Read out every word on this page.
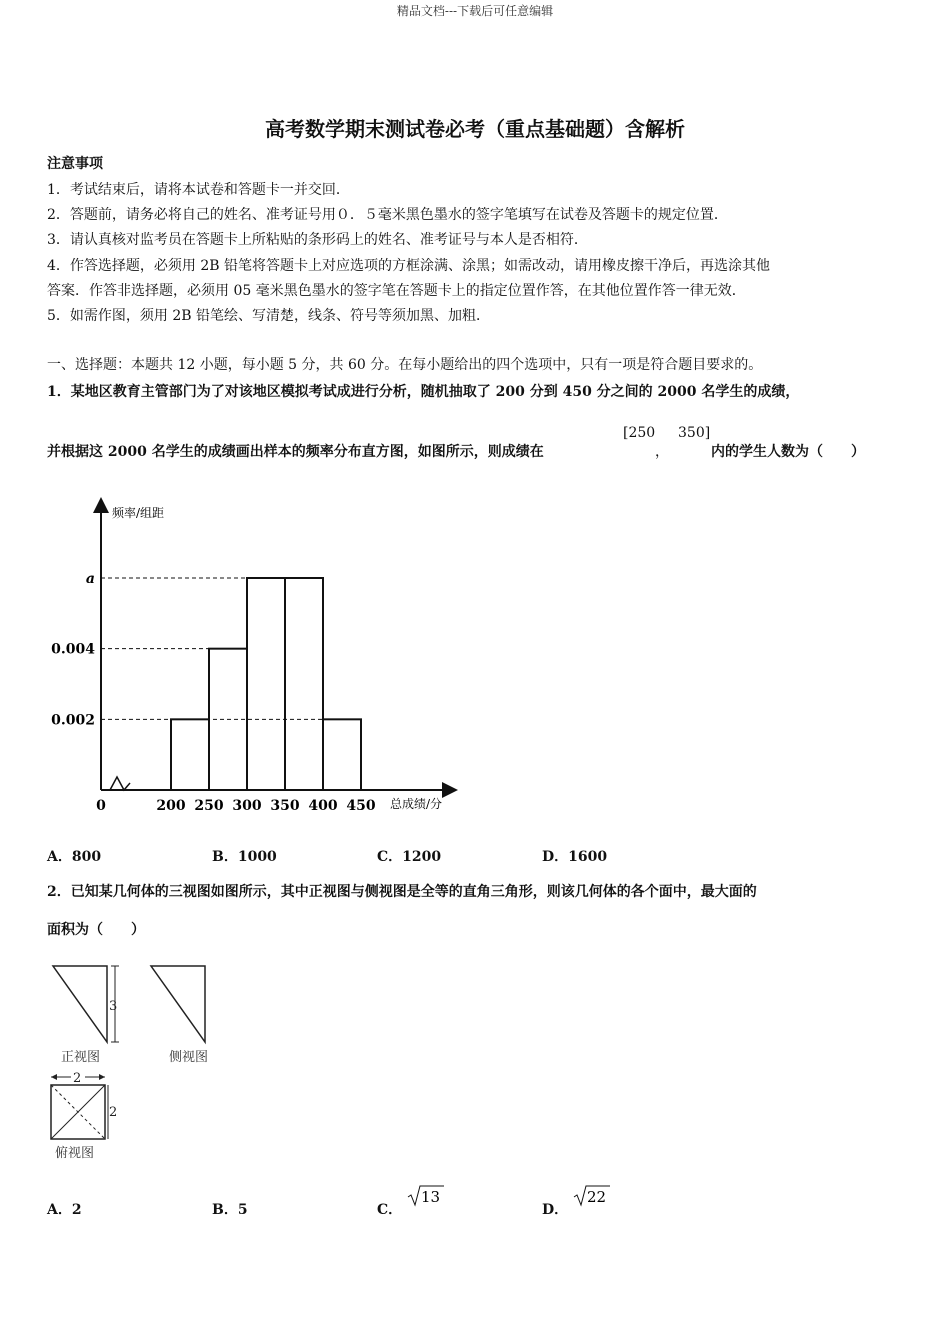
精品文档---下载后可任意编辑
高考数学期末测试卷必考（重点基础题）含解析
注意事项
1．考试结束后，请将本试卷和答题卡一并交回．
2．答题前，请务必将自己的姓名、准考证号用０．５毫米黑色墨水的签字笔填写在试卷及答题卡的规定位置．
3．请认真核对监考员在答题卡上所粘贴的条形码上的姓名、准考证号与本人是否相符．
4．作答选择题，必须用 2B 铅笔将答题卡上对应选项的方框涂满、涂黑；如需改动，请用橡皮擦干净后，再选涂其他
答案．作答非选择题，必须用 05 毫米黑色墨水的签字笔在答题卡上的指定位置作答，在其他位置作答一律无效．
5．如需作图，须用 2B 铅笔绘、写清楚，线条、符号等须加黑、加粗．
一、选择题：本题共 12 小题，每小题 5 分，共 60 分。在每小题给出的四个选项中，只有一项是符合题目要求的。
1．某地区教育主管部门为了对该地区模拟考试成进行分析，随机抽取了 200 分到 450 分之间的 2000 名学生的成绩，
并根据这 2000 名学生的成绩画出样本的频率分布直方图，如图所示，则成绩在
[250
，
350]
内的学生人数为（　　）
频率/组距
总成绩/分
0.002
0.004
a
0	200 250 300 350 400 450
A．800	B．1000	C．1200	D．1600
2．已知某几何体的三视图如图所示，其中正视图与侧视图是全等的直角三角形，则该几何体的各个面中，最大面的
面积为（　　）
3
正视图	侧视图
2
2
俯视图
A．2	B．5	C．
13
D．
22
